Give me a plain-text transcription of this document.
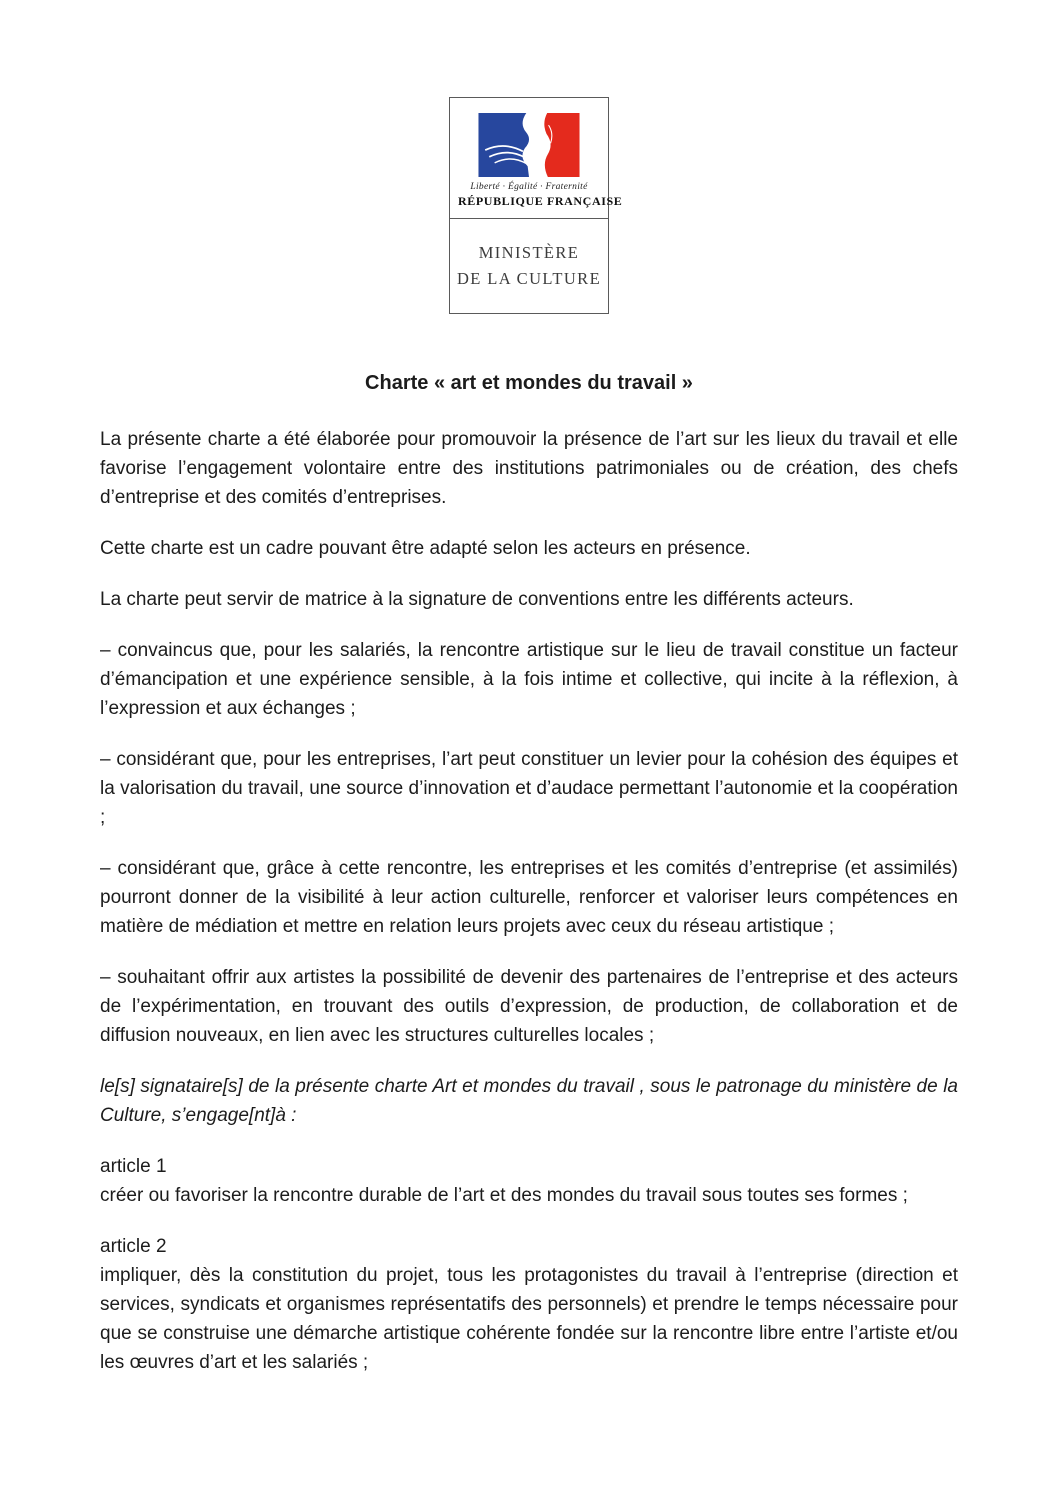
Liberté · Égalité · Fraternité
RÉPUBLIQUE FRANÇAISE
MINISTÈRE
DE LA CULTURE
Charte « art et mondes du travail »

La présente charte a été élaborée pour promouvoir la présence de l’art sur les lieux du travail et elle favorise l’engagement volontaire entre des institutions patrimoniales ou de création, des chefs d’entreprise et des comités d’entreprises.

Cette charte est un cadre pouvant être adapté selon les acteurs en présence.

La charte peut servir de matrice à la signature de conventions entre les différents acteurs.

– convaincus que, pour les salariés, la rencontre artistique sur le lieu de travail constitue un facteur d’émancipation et une expérience sensible, à la fois intime et collective, qui incite à la réflexion, à l’expression et aux échanges ;

– considérant que, pour les entreprises, l’art peut constituer un levier pour la cohésion des équipes et la valorisation du travail, une source d’innovation et d’audace permettant l’autonomie et la coopération ;

– considérant que, grâce à cette rencontre, les entreprises et les comités d’entreprise (et assimilés) pourront donner de la visibilité à leur action culturelle, renforcer et valoriser leurs compétences en matière de médiation et mettre en relation leurs projets avec ceux du réseau artistique ;

– souhaitant offrir aux artistes la possibilité de devenir des partenaires de l’entreprise et des acteurs de l’expérimentation, en trouvant des outils d’expression, de production, de collaboration et de diffusion nouveaux, en lien avec les structures culturelles locales ;

le[s] signataire[s] de la présente charte Art et mondes du travail , sous le patronage du ministère de la Culture, s’engage[nt]à :

article 1
créer ou favoriser la rencontre durable de l’art et des mondes du travail sous toutes ses formes ;
article 2
impliquer, dès la constitution du projet, tous les protagonistes du travail à l’entreprise (direction et services, syndicats et organismes représentatifs des personnels) et prendre le temps nécessaire pour que se construise une démarche artistique cohérente fondée sur la rencontre libre entre l’artiste et/ou les œuvres d’art et les salariés ;
